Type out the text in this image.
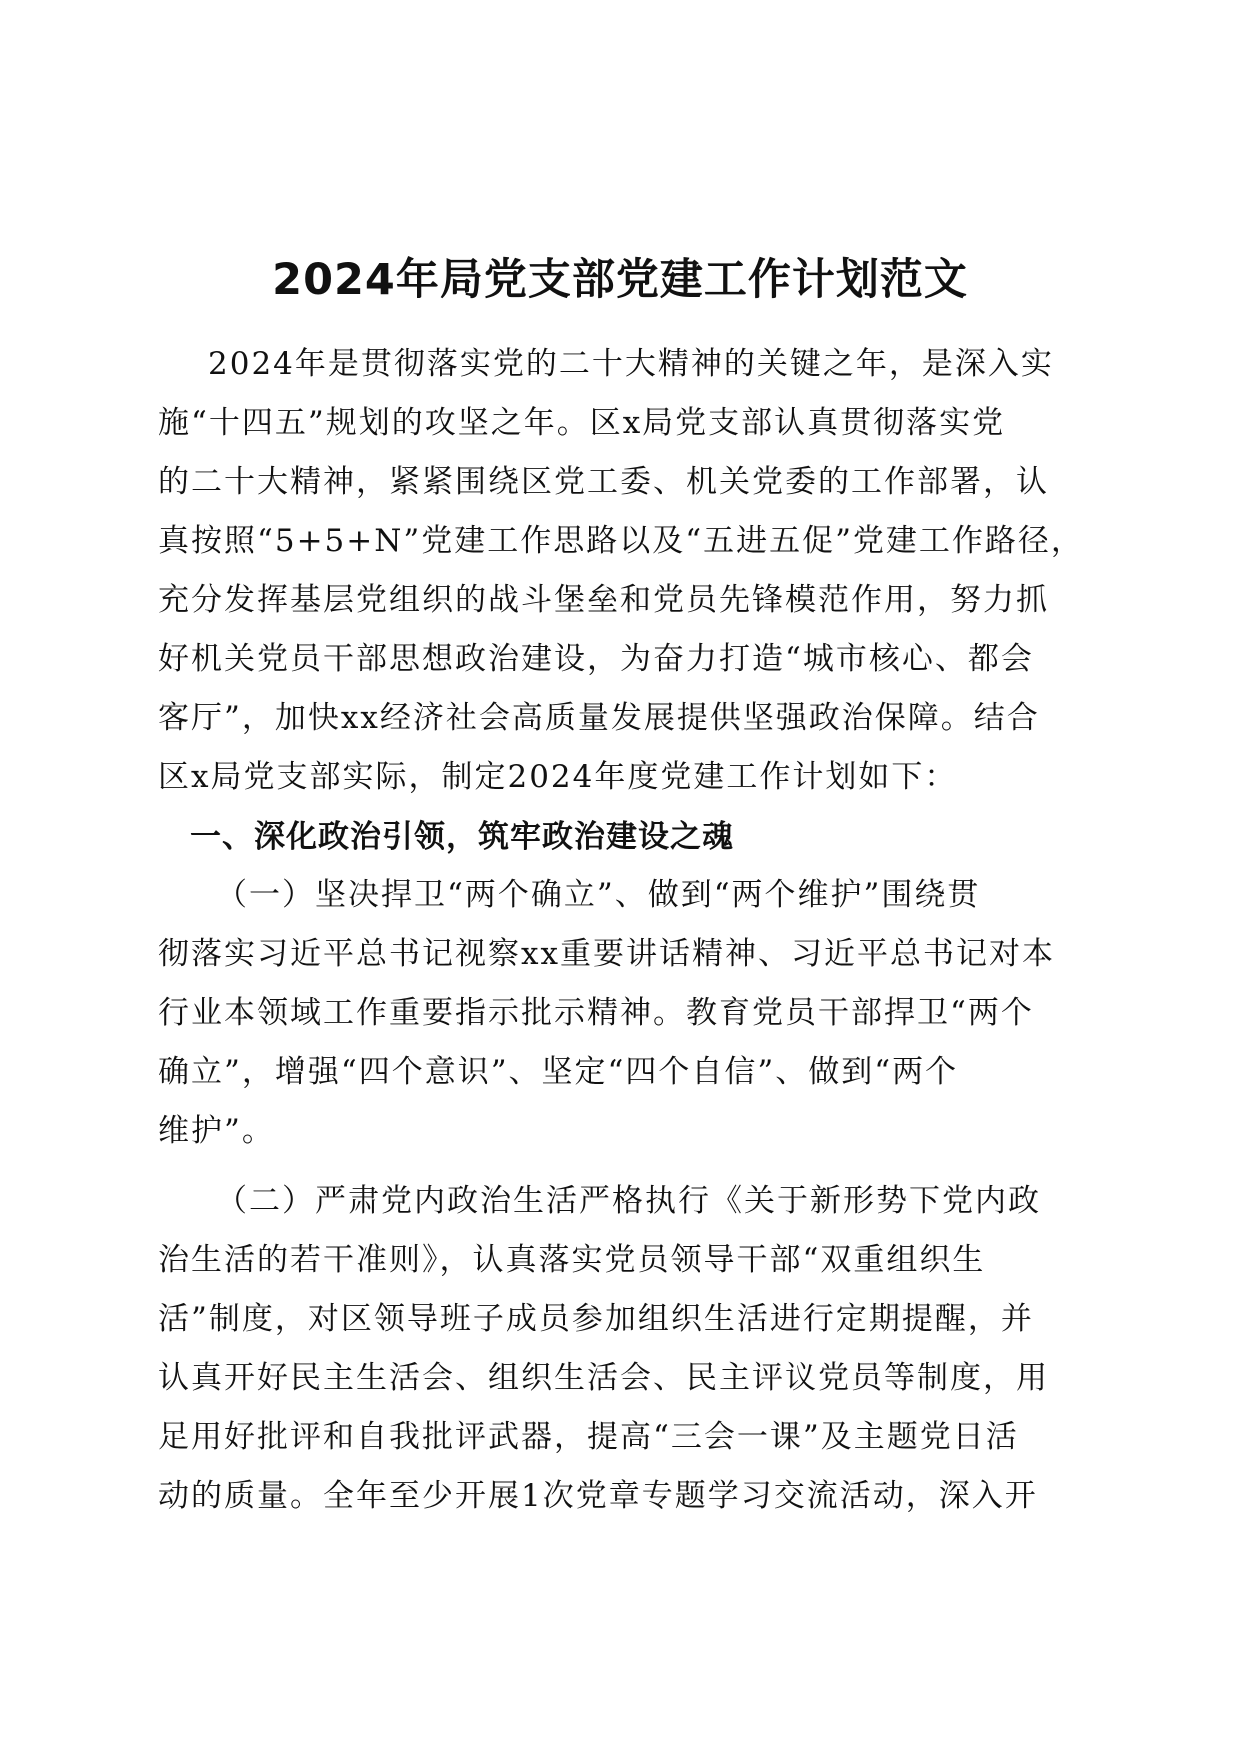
2024年局党支部党建工作计划范文
2024年是贯彻落实党的二十大精神的关键之年，是深入实
施“十四五”规划的攻坚之年。区x局党支部认真贯彻落实党
的二十大精神，紧紧围绕区党工委、机关党委的工作部署，认
真按照“5+5+N”党建工作思路以及“五进五促”党建工作路径，
充分发挥基层党组织的战斗堡垒和党员先锋模范作用，努力抓
好机关党员干部思想政治建设，为奋力打造“城市核心、都会
客厅”，加快xx经济社会高质量发展提供坚强政治保障。结合
区x局党支部实际，制定2024年度党建工作计划如下：
一、深化政治引领，筑牢政治建设之魂
（一）坚决捍卫“两个确立”、做到“两个维护”围绕贯
彻落实习近平总书记视察xx重要讲话精神、习近平总书记对本
行业本领域工作重要指示批示精神。教育党员干部捍卫“两个
确立”，增强“四个意识”、坚定“四个自信”、做到“两个
维护”。
（二）严肃党内政治生活严格执行《关于新形势下党内政
治生活的若干准则》，认真落实党员领导干部“双重组织生
活”制度，对区领导班子成员参加组织生活进行定期提醒，并
认真开好民主生活会、组织生活会、民主评议党员等制度，用
足用好批评和自我批评武器，提高“三会一课”及主题党日活
动的质量。全年至少开展1次党章专题学习交流活动，深入开
